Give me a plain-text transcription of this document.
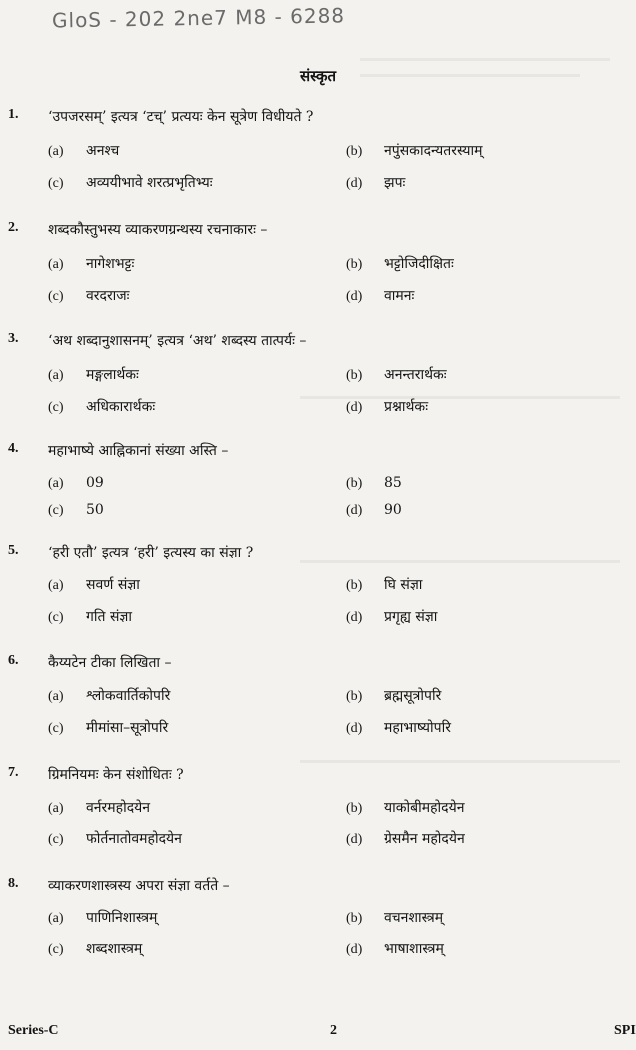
GloS - 202 2ne7 M8 - 6288
संस्कृत
1. ‘उपजरसम्’ इत्यत्र ‘टच्’ प्रत्ययः केन सूत्रेण विधीयते ?
(a) अनश्च	(b) नपुंसकादन्यतरस्याम्
(c) अव्ययीभावे शरत्प्रभृतिभ्यः	(d) झपः
2. शब्दकौस्तुभस्य व्याकरणग्रन्थस्य रचनाकारः –
(a) नागेशभट्टः	(b) भट्टोजिदीक्षितः
(c) वरदराजः	(d) वामनः
3. ‘अथ शब्दानुशासनम्’ इत्यत्र ‘अथ’ शब्दस्य तात्पर्यः –
(a) मङ्गलार्थकः	(b) अनन्तरार्थकः
(c) अधिकारार्थकः	(d) प्रश्नार्थकः
4. महाभाष्ये आह्निकानां संख्या अस्ति –
(a) 09	(b) 85
(c) 50	(d) 90
5. ‘हरी एतौ’ इत्यत्र ‘हरी’ इत्यस्य का संज्ञा ?
(a) सवर्ण संज्ञा	(b) घि संज्ञा
(c) गति संज्ञा	(d) प्रगृह्य संज्ञा
6. कैय्यटेन टीका लिखिता –
(a) श्लोकवार्तिकोपरि	(b) ब्रह्मसूत्रोपरि
(c) मीमांसा–सूत्रोपरि	(d) महाभाष्योपरि
7. ग्रिमनियमः केन संशोधितः ?
(a) वर्नरमहोदयेन	(b) याकोबीमहोदयेन
(c) फोर्तनातोवमहोदयेन	(d) ग्रेसमैन महोदयेन
8. व्याकरणशास्त्रस्य अपरा संज्ञा वर्तते –
(a) पाणिनिशास्त्रम्	(b) वचनशास्त्रम्
(c) शब्दशास्त्रम्	(d) भाषाशास्त्रम्
Series-C	2	SPI
